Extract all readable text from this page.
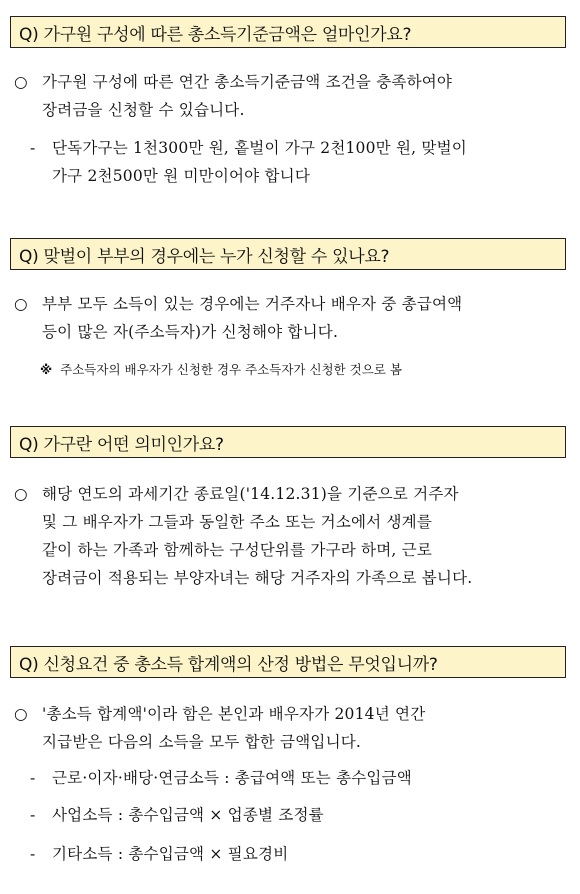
Q) 가구원 구성에 따른 총소득기준금액은 얼마인가요?
○ 가구원 구성에 따른 연간 총소득기준금액 조건을 충족하여야
장려금을 신청할 수 있습니다.
- 단독가구는 1천300만 원, 홑벌이 가구 2천100만 원, 맞벌이
가구 2천500만 원 미만이어야 합니다
Q) 맞벌이 부부의 경우에는 누가 신청할 수 있나요?
○ 부부 모두 소득이 있는 경우에는 거주자나 배우자 중 총급여액
등이 많은 자(주소득자)가 신청해야 합니다.
※ 주소득자의 배우자가 신청한 경우 주소득자가 신청한 것으로 봄
Q) 가구란 어떤 의미인가요?
○ 해당 연도의 과세기간 종료일('14.12.31)을 기준으로 거주자
및 그 배우자가 그들과 동일한 주소 또는 거소에서 생계를
같이 하는 가족과 함께하는 구성단위를 가구라 하며, 근로
장려금이 적용되는 부양자녀는 해당 거주자의 가족으로 봅니다.
Q) 신청요건 중 총소득 합계액의 산정 방법은 무엇입니까?
○ '총소득 합계액'이라 함은 본인과 배우자가 2014년 연간
지급받은 다음의 소득을 모두 합한 금액입니다.
- 근로·이자·배당·연금소득 : 총급여액 또는 총수입금액
- 사업소득 : 총수입금액 × 업종별 조정률
- 기타소득 : 총수입금액 × 필요경비
